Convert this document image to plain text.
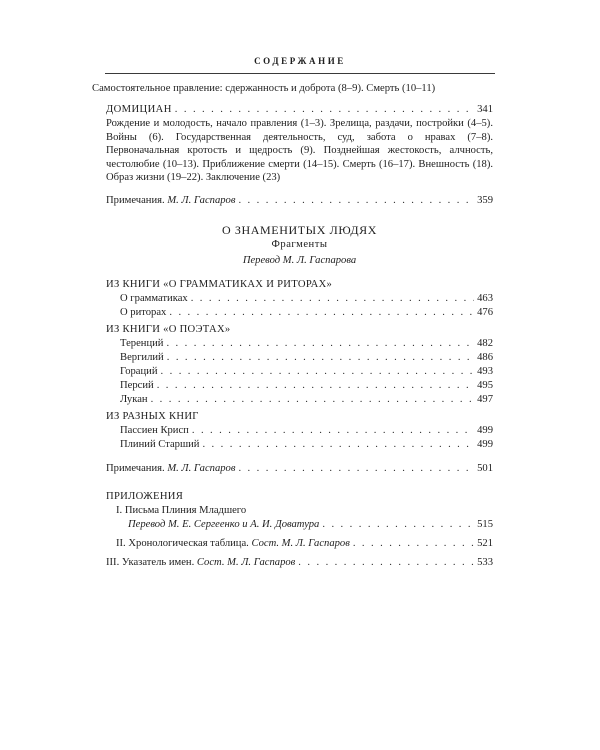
СОДЕРЖАНИЕ

Самостоятельное правление: сдержанность и доброта (8–9). Смерть (10–11)

ДОМИЦИАН . . .	341

Рождение и молодость, начало правления (1–3). Зрелища, раздачи, постройки (4–5). Войны (6). Государственная деятельность, суд, забота о нравах (7–8). Первоначальная кротость и щедрость (9). Позднейшая жестокость, алчность, честолюбие (10–13). Приближение смерти (14–15). Смерть (16–17). Внешность (18). Образ жизни (19–22). Заключение (23)

Примечания. М. Л. Гаспаров . . .	359
О ЗНАМЕНИТЫХ ЛЮДЯХ
Фрагменты
Перевод М. Л. Гаспарова
ИЗ КНИГИ «О ГРАММАТИКАХ И РИТОРАХ»
О грамматиках . . .	463
О риторах . . .	476
ИЗ КНИГИ «О ПОЭТАХ»
Теренций . . .	482
Вергилий . . .	486
Гораций . . .	493
Персий . . .	495
Лукан . . .	497
ИЗ РАЗНЫХ КНИГ
Пассиен Крисп . . .	499
Плиний Старший . . .	499
Примечания. М. Л. Гаспаров . . .	501
ПРИЛОЖЕНИЯ
I. Письма Плиния Младшего
Перевод М. Е. Сергеенко и А. И. Доватура . . .	515
II. Хронологическая таблица. Сост. М. Л. Гаспаров . . .	521
III. Указатель имен. Сост. М. Л. Гаспаров . . .	533
